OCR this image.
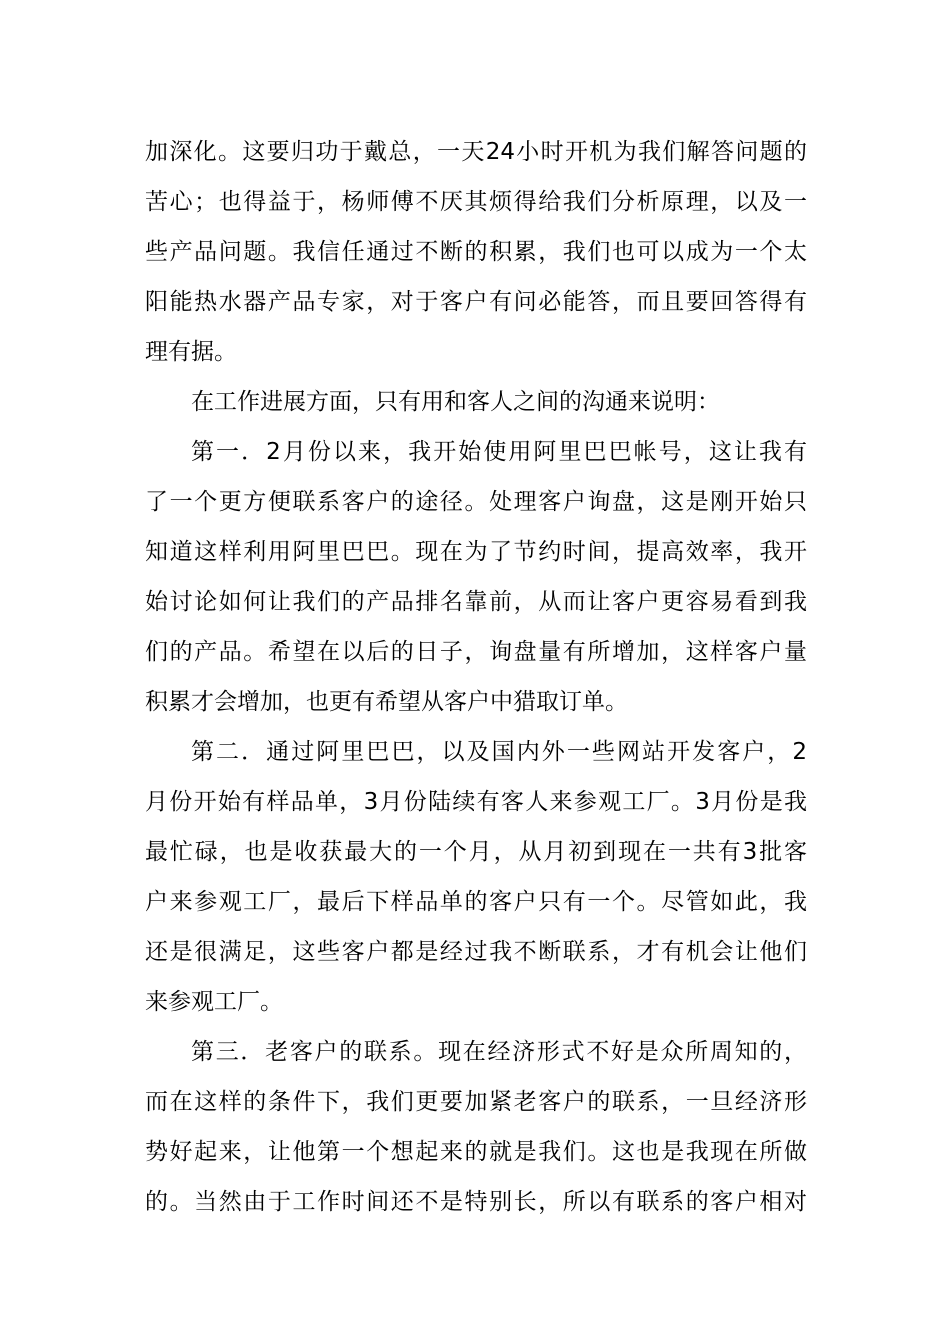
加深化。这要归功于戴总，一天24小时开机为我们解答问题的
苦心；也得益于，杨师傅不厌其烦得给我们分析原理，以及一
些产品问题。我信任通过不断的积累，我们也可以成为一个太
阳能热水器产品专家，对于客户有问必能答，而且要回答得有
理有据。
在工作进展方面，只有用和客人之间的沟通来说明：
第一．2月份以来，我开始使用阿里巴巴帐号，这让我有
了一个更方便联系客户的途径。处理客户询盘，这是刚开始只
知道这样利用阿里巴巴。现在为了节约时间，提高效率，我开
始讨论如何让我们的产品排名靠前，从而让客户更容易看到我
们的产品。希望在以后的日子，询盘量有所增加，这样客户量
积累才会增加，也更有希望从客户中猎取订单。
第二．通过阿里巴巴，以及国内外一些网站开发客户，2
月份开始有样品单，3月份陆续有客人来参观工厂。3月份是我
最忙碌，也是收获最大的一个月，从月初到现在一共有3批客
户来参观工厂，最后下样品单的客户只有一个。尽管如此，我
还是很满足，这些客户都是经过我不断联系，才有机会让他们
来参观工厂。
第三．老客户的联系。现在经济形式不好是众所周知的，
而在这样的条件下，我们更要加紧老客户的联系，一旦经济形
势好起来，让他第一个想起来的就是我们。这也是我现在所做
的。当然由于工作时间还不是特别长，所以有联系的客户相对
